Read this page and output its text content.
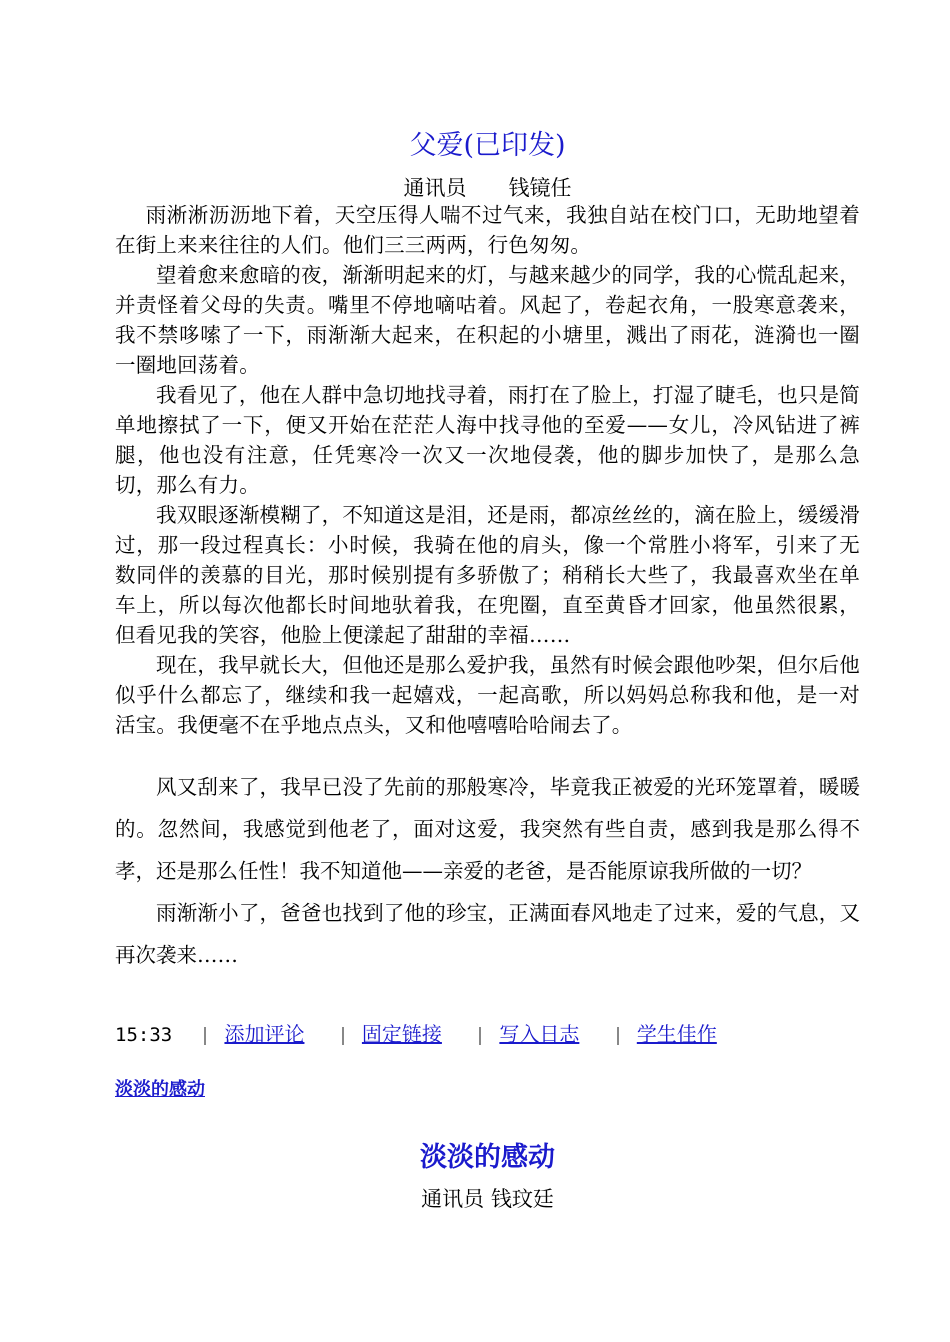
父爱(已印发)
通讯员　　钱镜任

雨淅淅沥沥地下着，天空压得人喘不过气来，我独自站在校门口，无助地望着在街上来来往往的人们。他们三三两两，行色匆匆。

望着愈来愈暗的夜，渐渐明起来的灯，与越来越少的同学，我的心慌乱起来，并责怪着父母的失责。嘴里不停地嘀咕着。风起了，卷起衣角，一股寒意袭来，我不禁哆嗦了一下，雨渐渐大起来，在积起的小塘里，溅出了雨花，涟漪也一圈一圈地回荡着。

我看见了，他在人群中急切地找寻着，雨打在了脸上，打湿了睫毛，也只是简单地擦拭了一下，便又开始在茫茫人海中找寻他的至爱——女儿，冷风钻进了裤腿，他也没有注意，任凭寒冷一次又一次地侵袭，他的脚步加快了，是那么急切，那么有力。

我双眼逐渐模糊了，不知道这是泪，还是雨，都凉丝丝的，滴在脸上，缓缓滑过，那一段过程真长：小时候，我骑在他的肩头，像一个常胜小将军，引来了无数同伴的羡慕的目光，那时候别提有多骄傲了；稍稍长大些了，我最喜欢坐在单车上，所以每次他都长时间地驮着我，在兜圈，直至黄昏才回家，他虽然很累，但看见我的笑容，他脸上便漾起了甜甜的幸福……

现在，我早就长大，但他还是那么爱护我，虽然有时候会跟他吵架，但尔后他似乎什么都忘了，继续和我一起嬉戏，一起高歌，所以妈妈总称我和他，是一对活宝。我便毫不在乎地点点头，又和他嘻嘻哈哈闹去了。

风又刮来了，我早已没了先前的那般寒冷，毕竟我正被爱的光环笼罩着，暖暖的。忽然间，我感觉到他老了，面对这爱，我突然有些自责，感到我是那么得不孝，还是那么任性！我不知道他——亲爱的老爸，是否能原谅我所做的一切？

雨渐渐小了，爸爸也找到了他的珍宝，正满面春风地走了过来，爱的气息，又再次袭来……

15:33	添加评论	固定链接	写入日志	学生佳作
淡淡的感动
淡淡的感动
通讯员 钱玟廷
